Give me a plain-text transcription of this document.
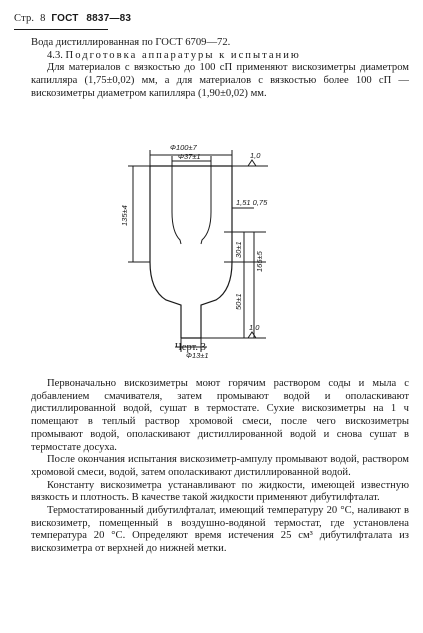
Стр. 8 ГОСТ 8837—83

Вода дистиллированная по ГОСТ 6709—72.

4.3. Подготовка аппаратуры к испытанию

Для материалов с вязкостью до 100 сП применяют вискозиметры диаметром капилляра (1,75±0,02) мм, а для материалов с вязкостью более 100 сП — вискозиметры диаметром капилляра (1,90±0,02) мм.

Ф100±7
Ф37±1
135±4
1,51 0,75
30±1
165±5
50±1
Ф13±1
1,0
1,0
Черт. 3

Первоначально вискозиметры моют горячим раствором соды и мыла с добавлением смачивателя, затем промывают водой и ополаскивают дистиллированной водой, сушат в термостате. Сухие вискозиметры на 1 ч помещают в теплый раствор хромовой смеси, после чего вискозиметры промывают водой, ополаскивают дистиллированной водой и снова сушат в термостате досуха.

После окончания испытания вискозиметр-ампулу промывают водой, раствором хромовой смеси, водой, затем ополаскивают дистиллированной водой.

Константу вискозиметра устанавливают по жидкости, имеющей известную вязкость и плотность. В качестве такой жидкости применяют дибутилфталат.

Термостатированный дибутилфталат, имеющий температуру 20 °С, наливают в вискозиметр, помещенный в воздушно-водяной термостат, где установлена температура 20 °С. Определяют время истечения 25 см³ дибутилфталата из вискозиметра от верхней до нижней метки.
